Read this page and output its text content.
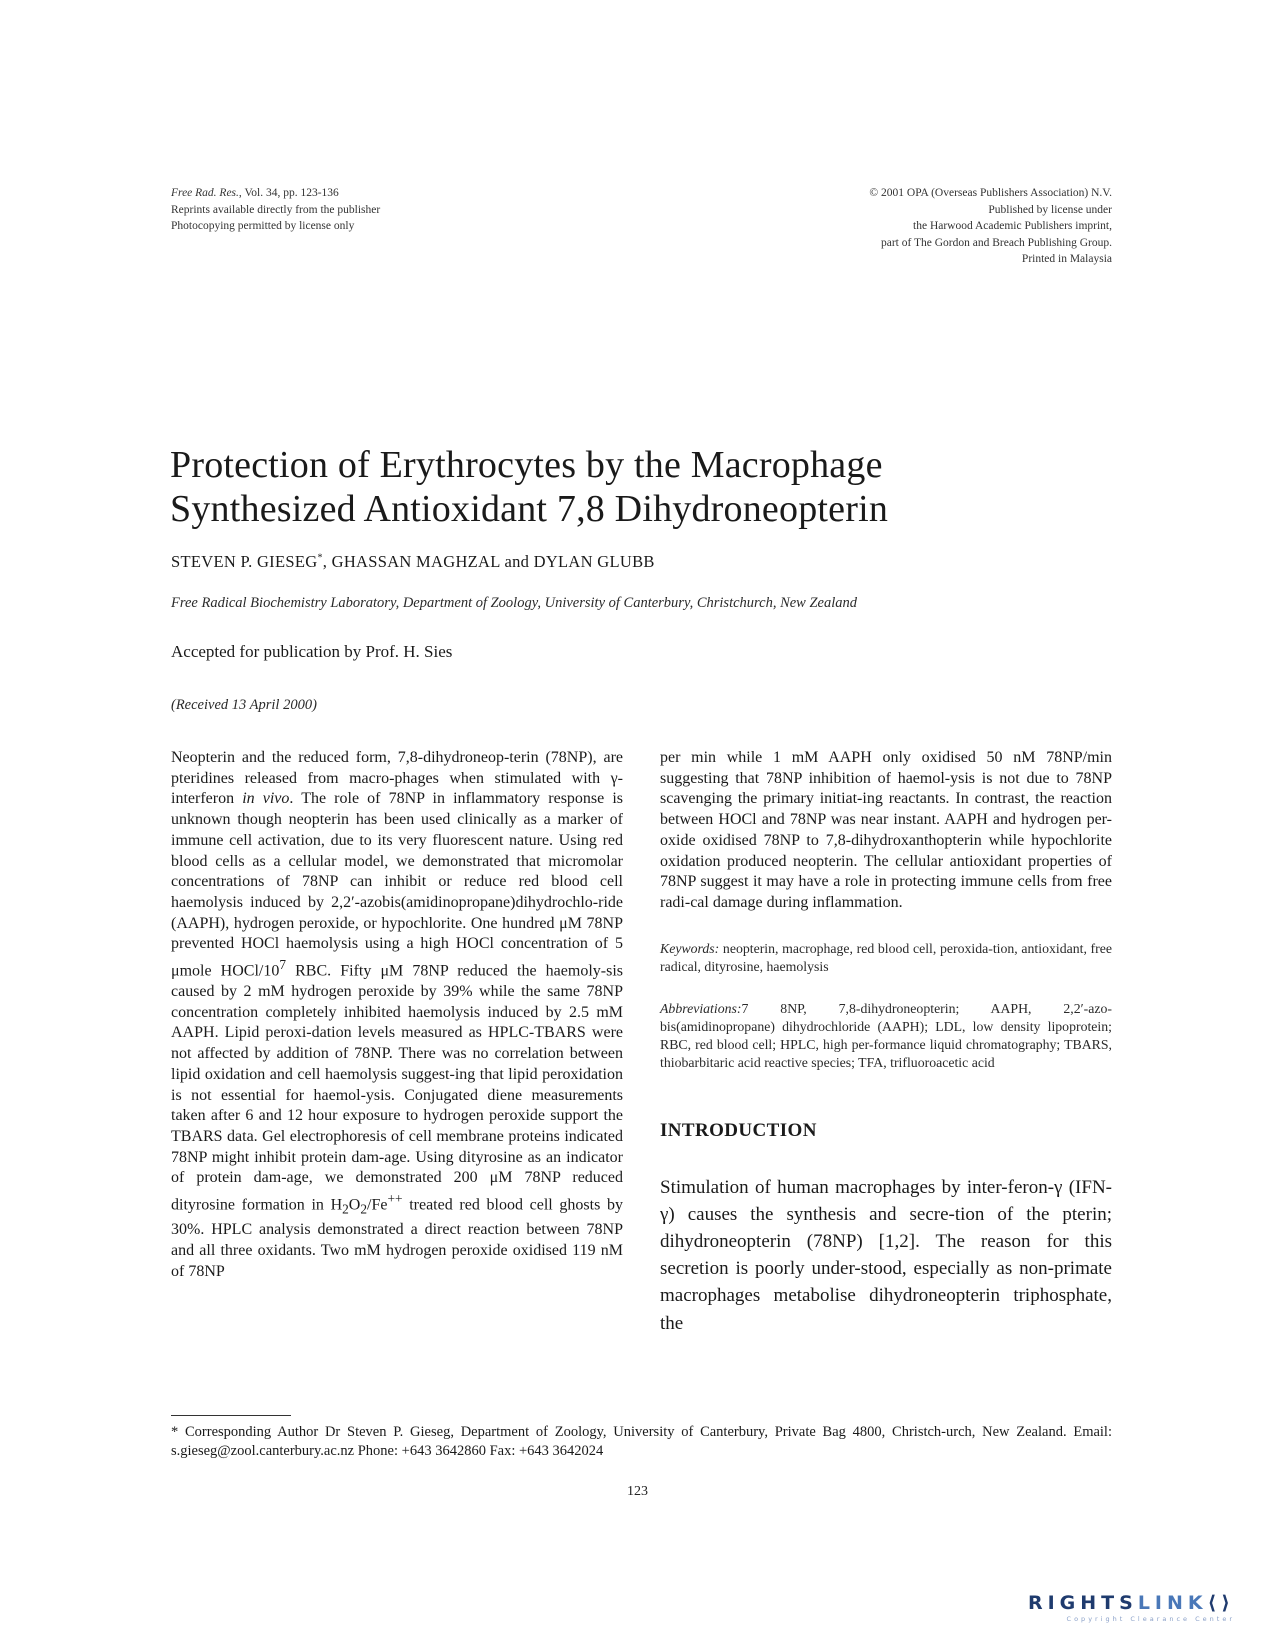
Free Rad. Res., Vol. 34, pp. 123-136
Reprints available directly from the publisher
Photocopying permitted by license only
© 2001 OPA (Overseas Publishers Association) N.V.
Published by license under
the Harwood Academic Publishers imprint,
part of The Gordon and Breach Publishing Group.
Printed in Malaysia
Protection of Erythrocytes by the Macrophage
Synthesized Antioxidant 7,8 Dihydroneopterin
STEVEN P. GIESEG*, GHASSAN MAGHZAL and DYLAN GLUBB
Free Radical Biochemistry Laboratory, Department of Zoology, University of Canterbury, Christchurch, New Zealand
Accepted for publication by Prof. H. Sies
(Received 13 April 2000)
Neopterin and the reduced form, 7,8-dihydroneop-terin (78NP), are pteridines released from macro-phages when stimulated with γ-interferon in vivo. The role of 78NP in inflammatory response is unknown though neopterin has been used clinically as a marker of immune cell activation, due to its very fluorescent nature. Using red blood cells as a cellular model, we demonstrated that micromolar concentrations of 78NP can inhibit or reduce red blood cell haemolysis induced by 2,2′-azobis(amidinopropane)dihydrochlo-ride (AAPH), hydrogen peroxide, or hypochlorite. One hundred μM 78NP prevented HOCl haemolysis using a high HOCl concentration of 5 μmole HOCl/$10^7$ RBC. Fifty μM 78NP reduced the haemoly-sis caused by 2 mM hydrogen peroxide by 39% while the same 78NP concentration completely inhibited haemolysis induced by 2.5 mM AAPH. Lipid peroxi-dation levels measured as HPLC-TBARS were not affected by addition of 78NP. There was no correlation between lipid oxidation and cell haemolysis suggest-ing that lipid peroxidation is not essential for haemol-ysis. Conjugated diene measurements taken after 6 and 12 hour exposure to hydrogen peroxide support the TBARS data. Gel electrophoresis of cell membrane proteins indicated 78NP might inhibit protein dam-age. Using dityrosine as an indicator of protein dam-age, we demonstrated 200 μM 78NP reduced dityrosine formation in $H_2O_2/Fe^{++}$ treated red blood cell ghosts by 30%. HPLC analysis demonstrated a direct reaction between 78NP and all three oxidants. Two mM hydrogen peroxide oxidised 119 nM of 78NP
per min while 1 mM AAPH only oxidised 50 nM 78NP/min suggesting that 78NP inhibition of haemol-ysis is not due to 78NP scavenging the primary initiat-ing reactants. In contrast, the reaction between HOCl and 78NP was near instant. AAPH and hydrogen per-oxide oxidised 78NP to 7,8-dihydroxanthopterin while hypochlorite oxidation produced neopterin. The cellular antioxidant properties of 78NP suggest it may have a role in protecting immune cells from free radi-cal damage during inflammation.
Keywords: neopterin, macrophage, red blood cell, peroxida-tion, antioxidant, free radical, dityrosine, haemolysis
Abbreviations:7 8NP, 7,8-dihydroneopterin; AAPH, 2,2′-azo-bis(amidinopropane) dihydrochloride (AAPH); LDL, low density lipoprotein; RBC, red blood cell; HPLC, high per-formance liquid chromatography; TBARS, thiobarbitaric acid reactive species; TFA, trifluoroacetic acid
INTRODUCTION
Stimulation of human macrophages by inter-feron-γ (IFN-γ) causes the synthesis and secre-tion of the pterin; dihydroneopterin (78NP) [1,2]. The reason for this secretion is poorly under-stood, especially as non-primate macrophages metabolise dihydroneopterin triphosphate, the
* Corresponding Author Dr Steven P. Gieseg, Department of Zoology, University of Canterbury, Private Bag 4800, Christch-urch, New Zealand. Email: s.gieseg@zool.canterbury.ac.nz Phone: +643 3642860 Fax: +643 3642024
123
RIGHTSLINK⟨⟩
Copyright Clearance Center
